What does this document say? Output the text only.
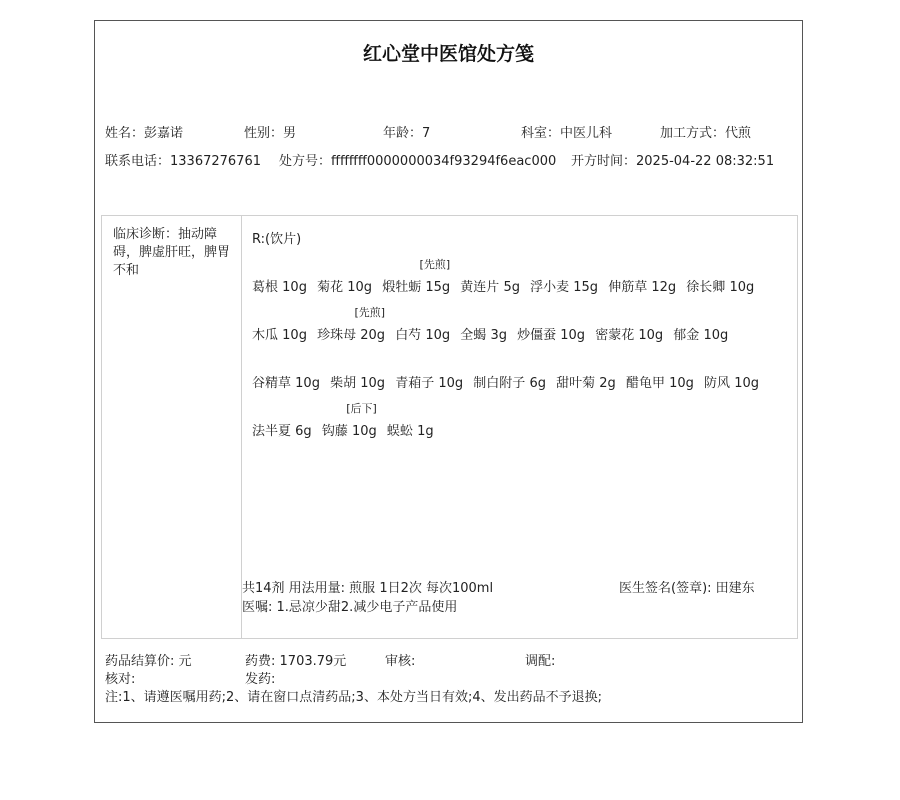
红心堂中医馆处方笺
姓名：彭嘉诺	性别：男	年龄：7	科室：中医儿科	加工方式：代煎
联系电话：13367276761 处方号：ffffffff0000000034f93294f6eac000 开方时间：2025-04-22 08:32:51
临床诊断：抽动障碍，脾虚肝旺，脾胃不和
R:(饮片)
葛根 10g 菊花 10g
[先煎]
煅牡蛎 15g 黄连片 5g 浮小麦 15g 伸筋草 12g 徐长卿 10g
木瓜 10g
[先煎]
珍珠母 20g 白芍 10g 全蝎 3g 炒僵蚕 10g 密蒙花 10g 郁金 10g
谷精草 10g 柴胡 10g 青葙子 10g 制白附子 6g 甜叶菊 2g 醋龟甲 10g 防风 10g
法半夏 6g
[后下]
钩藤 10g 蜈蚣 1g
共14剂 用法用量: 煎服 1日2次 每次100ml	医生签名(签章): 田建东
医嘱: 1.忌凉少甜2.减少电子产品使用
药品结算价: 元	药费: 1703.79元	审核:	调配:
核对:	发药:
注:1、请遵医嘱用药;2、请在窗口点清药品;3、本处方当日有效;4、发出药品不予退换;
